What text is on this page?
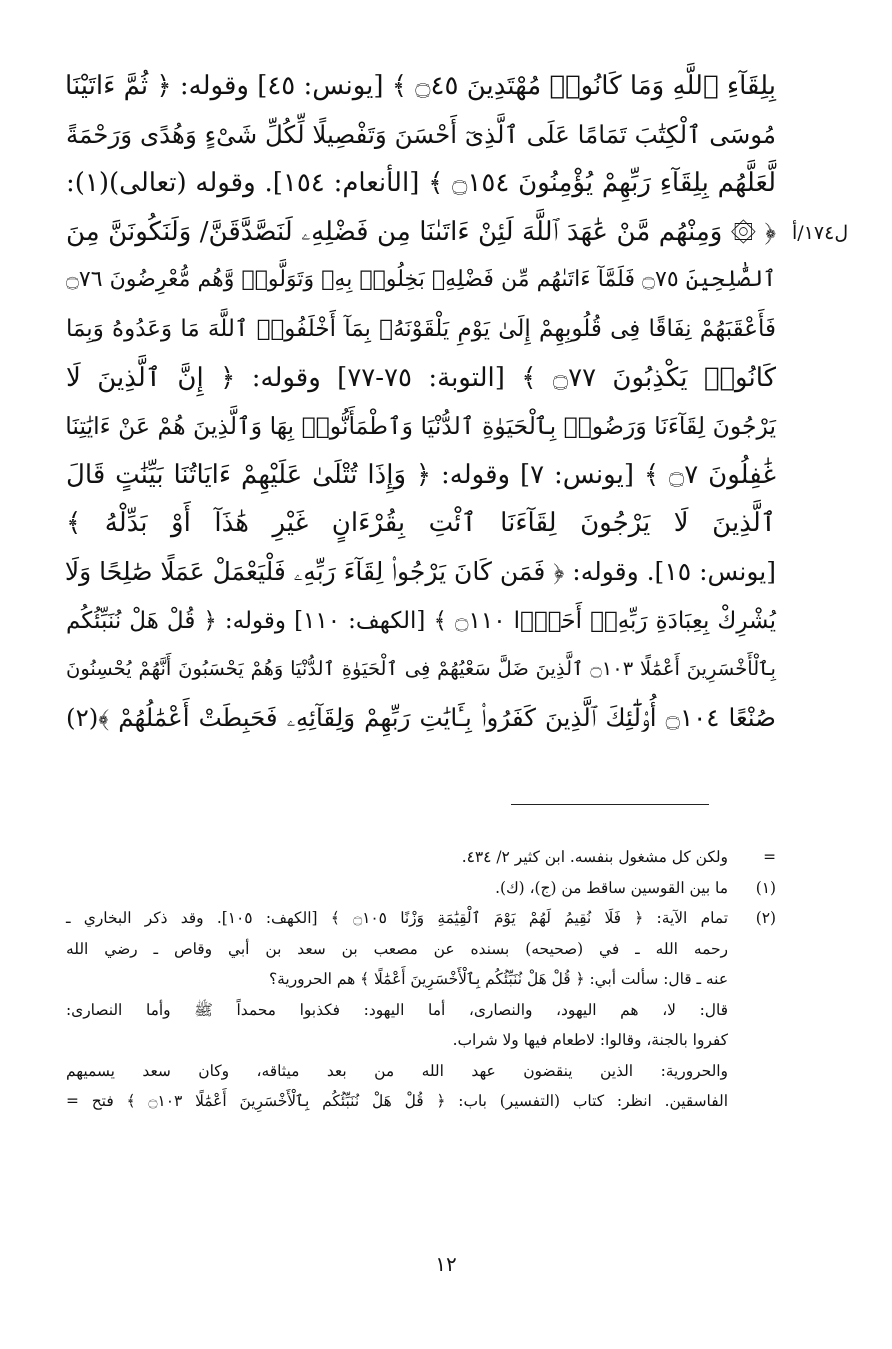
ل١٧٤/أ
بِلِقَآءِ ٱللَّهِ وَمَا كَانُوا۟ مُهْتَدِينَ ۝٤٥ ﴾ [يونس: ٤٥] وقوله: ﴿ ثُمَّ ءَاتَيْنَا
مُوسَى ٱلْكِتَٰبَ تَمَامًا عَلَى ٱلَّذِىٓ أَحْسَنَ وَتَفْصِيلًا لِّكُلِّ شَىْءٍ وَهُدًى وَرَحْمَةً
لَّعَلَّهُم بِلِقَآءِ رَبِّهِمْ يُؤْمِنُونَ ۝١٥٤ ﴾ [الأنعام: ١٥٤]. وقوله (تعالى)(١):
﴿ ۞ وَمِنْهُم مَّنْ عَٰهَدَ ٱللَّهَ لَئِنْ ءَاتَىٰنَا مِن فَضْلِهِۦ لَنَصَّدَّقَنَّ/ وَلَنَكُونَنَّ مِنَ
ٱلصَّٰلِحِينَ ۝٧٥ فَلَمَّآ ءَاتَىٰهُم مِّن فَضْلِهِۦ بَخِلُوا۟ بِهِۦ وَتَوَلَّوا۟ وَّهُم مُّعْرِضُونَ ۝٧٦
فَأَعْقَبَهُمْ نِفَاقًا فِى قُلُوبِهِمْ إِلَىٰ يَوْمِ يَلْقَوْنَهُۥ بِمَآ أَخْلَفُوا۟ ٱللَّهَ مَا وَعَدُوهُ وَبِمَا
كَانُوا۟ يَكْذِبُونَ ۝٧٧ ﴾ [التوبة: ٧٥-٧٧] وقوله: ﴿ إِنَّ ٱلَّذِينَ لَا
يَرْجُونَ لِقَآءَنَا وَرَضُوا۟ بِٱلْحَيَوٰةِ ٱلدُّنْيَا وَٱطْمَأَنُّوا۟ بِهَا وَٱلَّذِينَ هُمْ عَنْ ءَايَٰتِنَا
غَٰفِلُونَ ۝٧ ﴾ [يونس: ٧] وقوله: ﴿ وَإِذَا تُتْلَىٰ عَلَيْهِمْ ءَايَاتُنَا بَيِّنَٰتٍ قَالَ
ٱلَّذِينَ لَا يَرْجُونَ لِقَآءَنَا ٱئْتِ بِقُرْءَانٍ غَيْرِ هَٰذَآ أَوْ بَدِّلْهُ ﴾
[يونس: ١٥]. وقوله: ﴿ فَمَن كَانَ يَرْجُوا۟ لِقَآءَ رَبِّهِۦ فَلْيَعْمَلْ عَمَلًا صَٰلِحًا وَلَا
يُشْرِكْ بِعِبَادَةِ رَبِّهِۦٓ أَحَدًۢا ۝١١٠ ﴾ [الكهف: ١١٠] وقوله: ﴿ قُلْ هَلْ نُنَبِّئُكُم
بِٱلْأَخْسَرِينَ أَعْمَٰلًا ۝١٠٣ ٱلَّذِينَ ضَلَّ سَعْيُهُمْ فِى ٱلْحَيَوٰةِ ٱلدُّنْيَا وَهُمْ يَحْسَبُونَ أَنَّهُمْ يُحْسِنُونَ
صُنْعًا ۝١٠٤ أُو۟لَٰٓئِكَ ٱلَّذِينَ كَفَرُوا۟ بِـَٔايَٰتِ رَبِّهِمْ وَلِقَآئِهِۦ فَحَبِطَتْ أَعْمَٰلُهُمْ ﴾(٢)
=
ولكن كل مشغول بنفسه. ابن كثير ٢/ ٤٣٤.
(١)
ما بين القوسين ساقط من (ج)، (ك).
(٢)
تمام الآية: ﴿ فَلَا نُقِيمُ لَهُمْ يَوْمَ ٱلْقِيَٰمَةِ وَزْنًا ۝١٠٥ ﴾ [الكهف: ١٠٥]. وقد ذكر البخاري ـ
رحمه الله ـ في (صحيحه) بسنده عن مصعب بن سعد بن أبي وقاص ـ رضي الله
عنه ـ قال: سألت أبي: ﴿ قُلْ هَلْ نُنَبِّئُكُم بِٱلْأَخْسَرِينَ أَعْمَٰلًا ﴾ هم الحرورية؟
قال: لا، هم اليهود، والنصارى، أما اليهود: فكذبوا محمداً ﷺ وأما النصارى:
كفروا بالجنة، وقالوا: لاطعام فيها ولا شراب.
والحرورية: الذين ينقضون عهد الله من بعد ميثاقه، وكان سعد يسميهم
الفاسقين. انظر: كتاب (التفسير) باب: ﴿ قُلْ هَلْ نُنَبِّئُكُم بِٱلْأَخْسَرِينَ أَعْمَٰلًا ۝١٠٣ ﴾ فتح =
١٢
